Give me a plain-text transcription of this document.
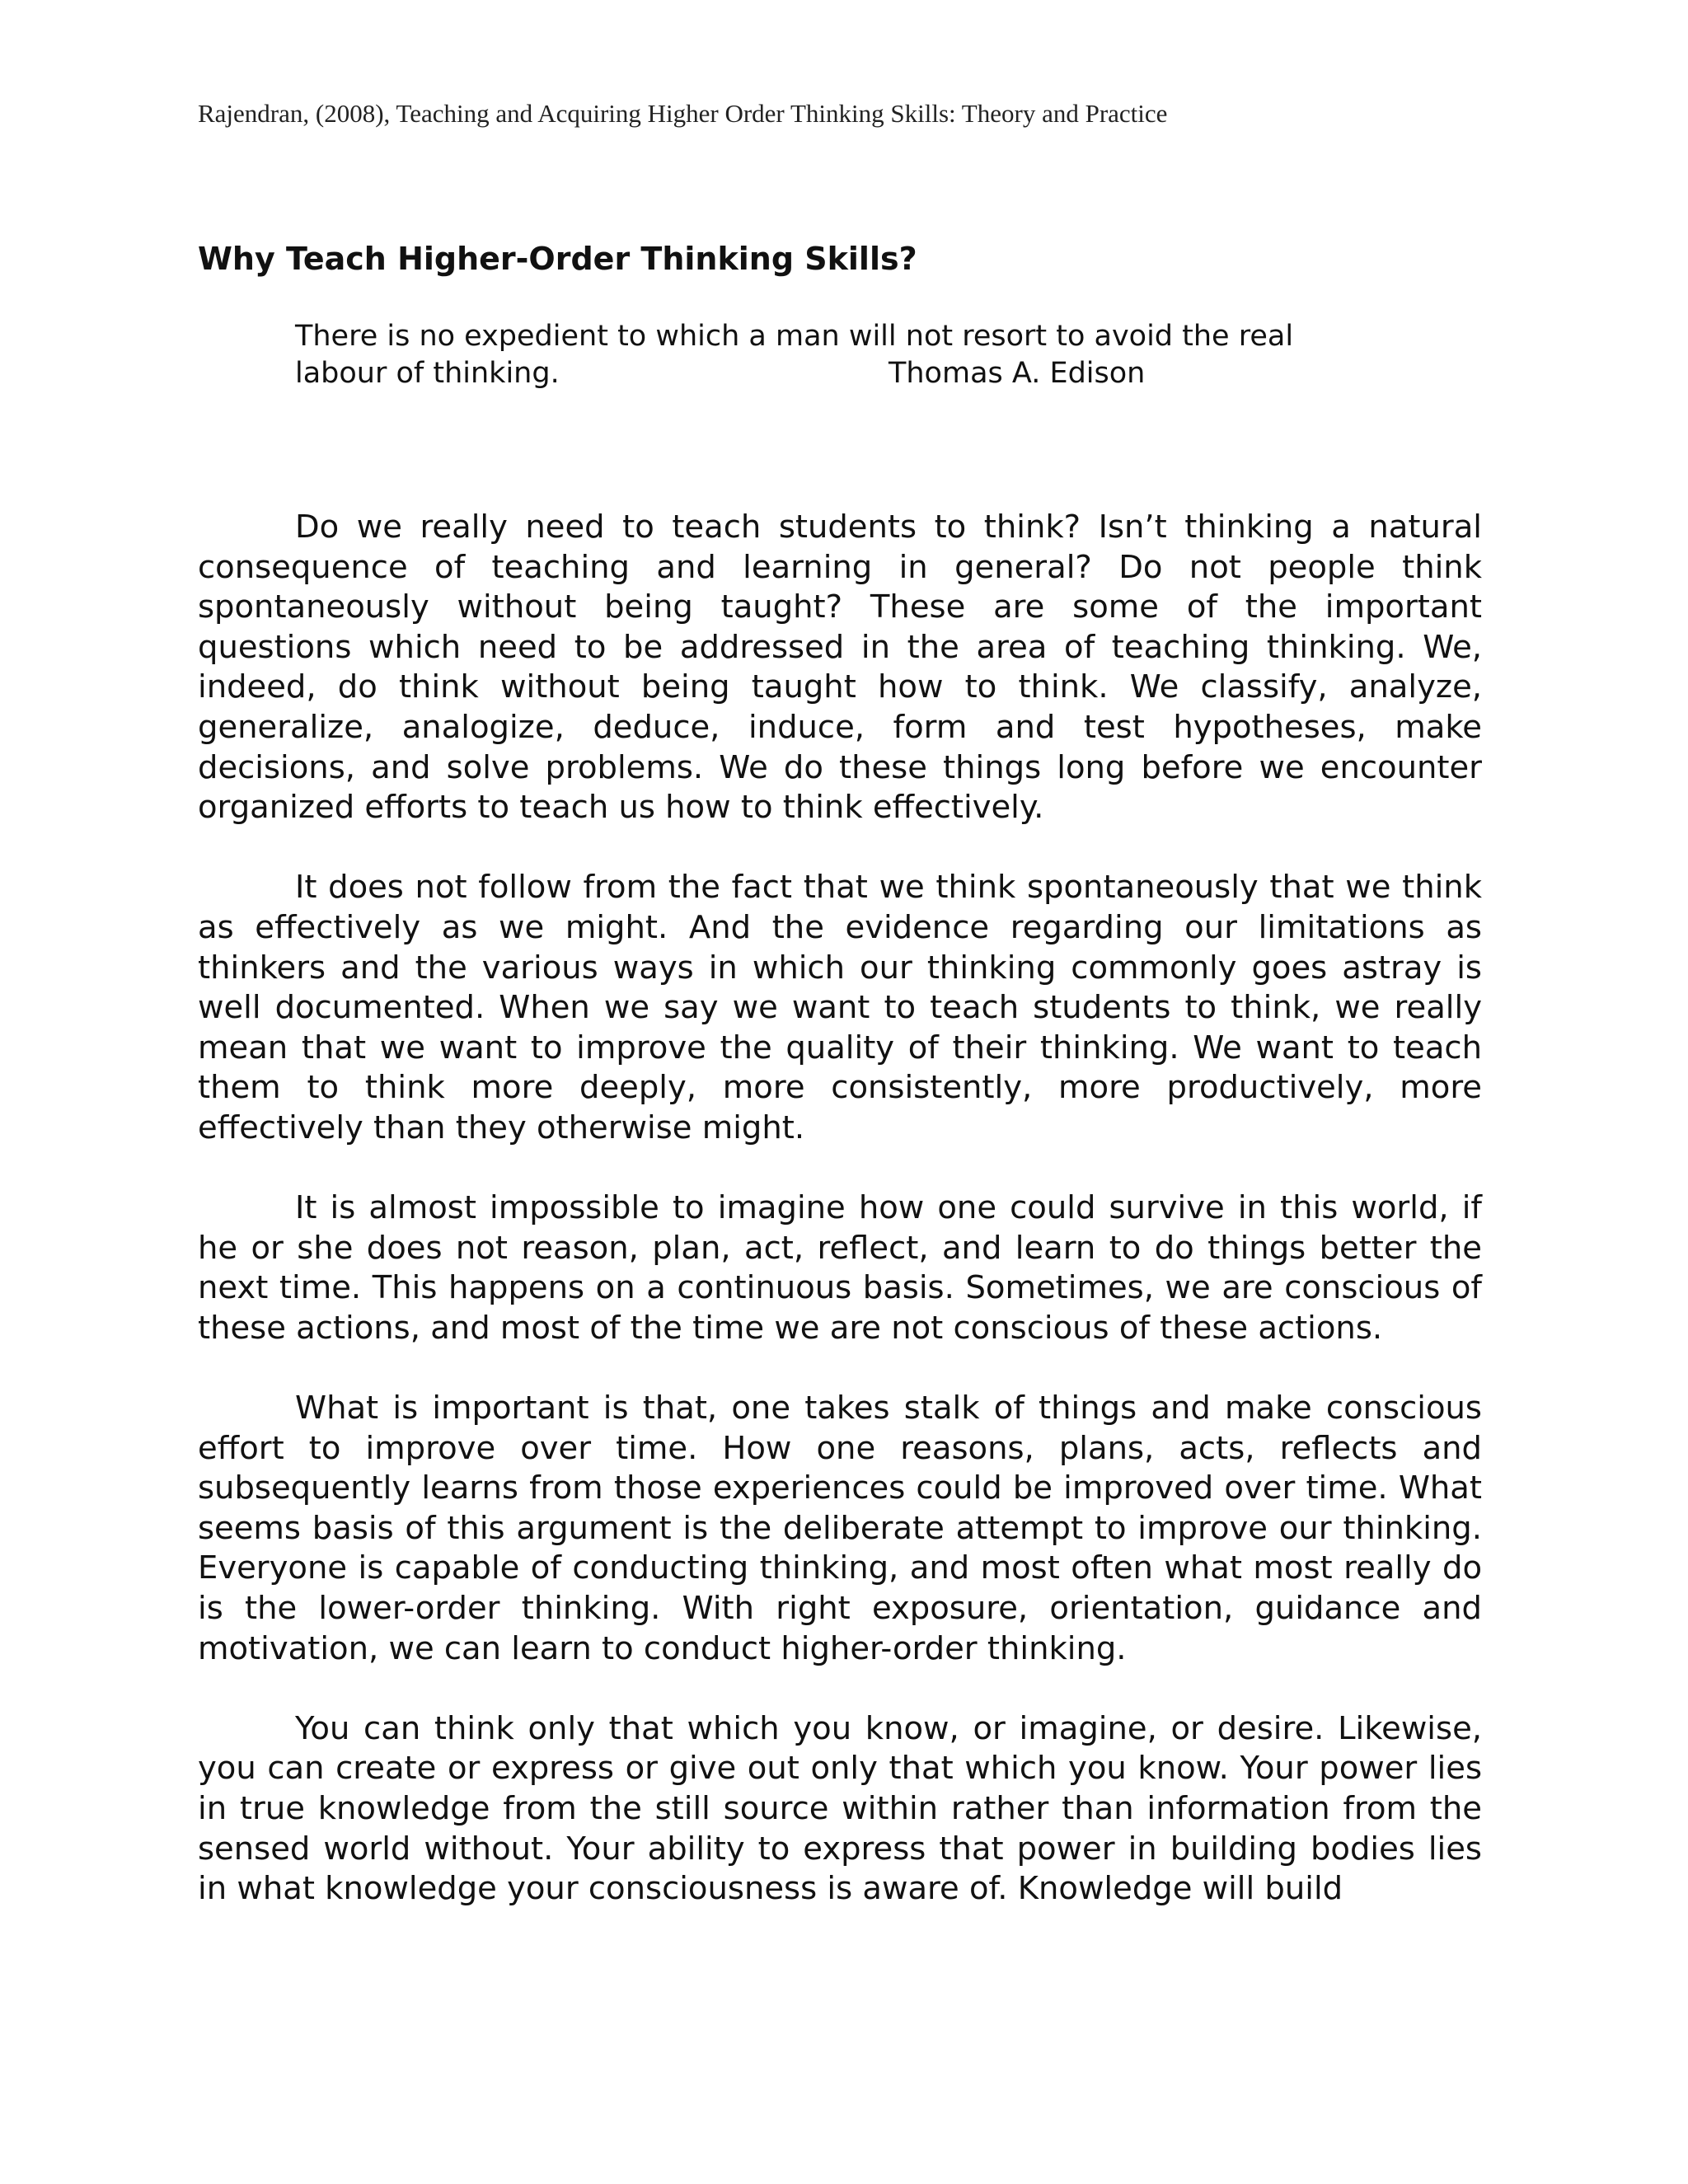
Rajendran, (2008), Teaching and Acquiring Higher Order Thinking Skills: Theory and Practice
Why Teach Higher-Order Thinking Skills?
There is no expedient to which a man will not resort to avoid the real
labour of thinking.	Thomas A. Edison

Do we really need to teach students to think? Isn’t thinking a natural consequence of teaching and learning in general? Do not people think spontaneously without being taught? These are some of the important questions which need to be addressed in the area of teaching thinking. We, indeed, do think without being taught how to think. We classify, analyze, generalize, analogize, deduce, induce, form and test hypotheses, make decisions, and solve problems. We do these things long before we encounter organized efforts to teach us how to think effectively.

It does not follow from the fact that we think spontaneously that we think as effectively as we might. And the evidence regarding our limitations as thinkers and the various ways in which our thinking commonly goes astray is well documented. When we say we want to teach students to think, we really mean that we want to improve the quality of their thinking. We want to teach them to think more deeply, more consistently, more productively, more effectively than they otherwise might.

It is almost impossible to imagine how one could survive in this world, if he or she does not reason, plan, act, reflect, and learn to do things better the next time. This happens on a continuous basis. Sometimes, we are conscious of these actions, and most of the time we are not conscious of these actions.

What is important is that, one takes stalk of things and make conscious effort to improve over time. How one reasons, plans, acts, reflects and subsequently learns from those experiences could be improved over time. What seems basis of this argument is the deliberate attempt to improve our thinking. Everyone is capable of conducting thinking, and most often what most really do is the lower-order thinking. With right exposure, orientation, guidance and motivation, we can learn to conduct higher-order thinking.

You can think only that which you know, or imagine, or desire. Likewise, you can create or express or give out only that which you know. Your power lies in true knowledge from the still source within rather than information from the sensed world without. Your ability to express that power in building bodies lies in what knowledge your consciousness is aware of. Knowledge will build
